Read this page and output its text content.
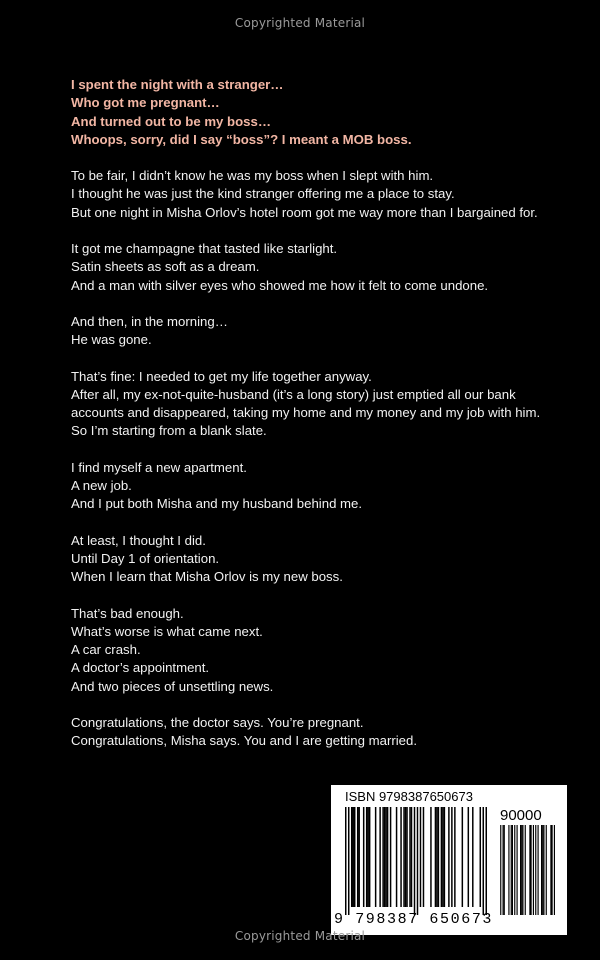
Copyrighted Material

I spent the night with a stranger…

Who got me pregnant…

And turned out to be my boss…

Whoops, sorry, did I say “boss”? I meant a MOB boss.

To be fair, I didn’t know he was my boss when I slept with him.

I thought he was just the kind stranger offering me a place to stay.

But one night in Misha Orlov’s hotel room got me way more than I bargained for.

It got me champagne that tasted like starlight.

Satin sheets as soft as a dream.

And a man with silver eyes who showed me how it felt to come undone.

And then, in the morning…

He was gone.

That’s fine: I needed to get my life together anyway.

After all, my ex-not-quite-husband (it’s a long story) just emptied all our bank accounts and disappeared, taking my home and my money and my job with him.

So I’m starting from a blank slate.

I find myself a new apartment.

A new job.

And I put both Misha and my husband behind me.

At least, I thought I did.

Until Day 1 of orientation.

When I learn that Misha Orlov is my new boss.

That’s bad enough.

What’s worse is what came next.

A car crash.

A doctor’s appointment.

And two pieces of unsettling news.

Congratulations, the doctor says. You’re pregnant.

Congratulations, Misha says. You and I are getting married.

ISBN 9798387650673
90000
9 798387 650673
Copyrighted Material
